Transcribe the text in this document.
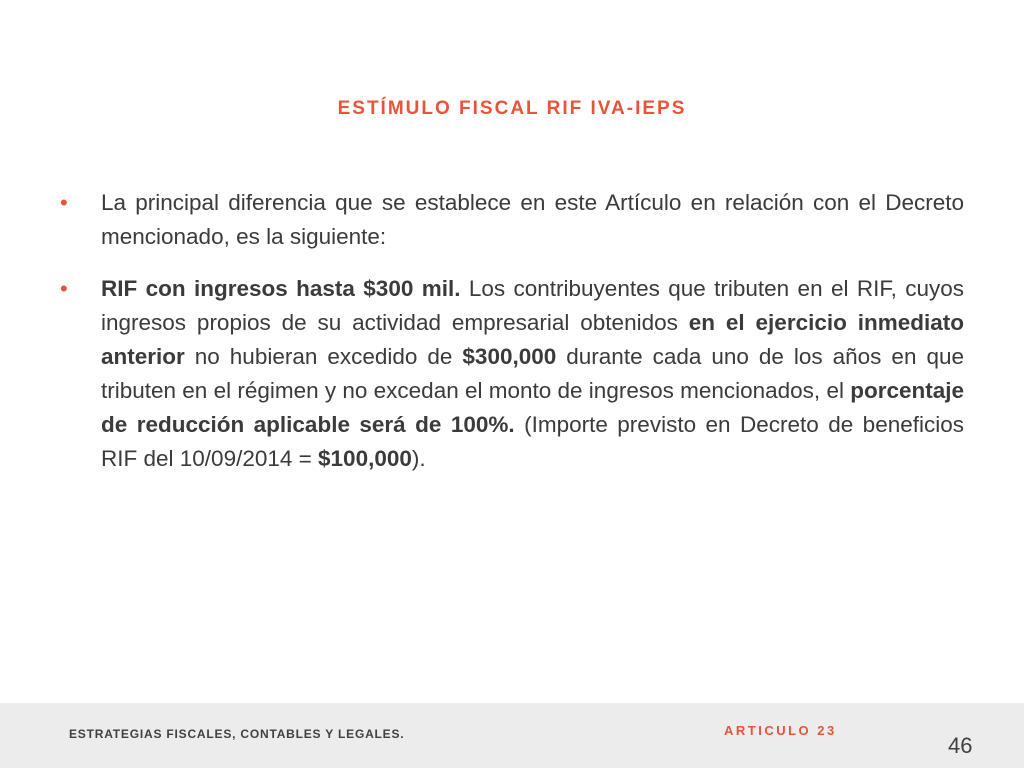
ESTÍMULO FISCAL RIF IVA-IEPS
• La principal diferencia que se establece en este Artículo en relación con el Decreto mencionado, es la siguiente:
• RIF con ingresos hasta $300 mil. Los contribuyentes que tributen en el RIF, cuyos ingresos propios de su actividad empresarial obtenidos en el ejercicio inmediato anterior no hubieran excedido de $300,000 durante cada uno de los años en que tributen en el régimen y no excedan el monto de ingresos mencionados, el porcentaje de reducción aplicable será de 100%. (Importe previsto en Decreto de beneficios RIF del 10/09/2014 = $100,000).
ESTRATEGIAS FISCALES, CONTABLES Y LEGALES.	ARTICULO 23
46
